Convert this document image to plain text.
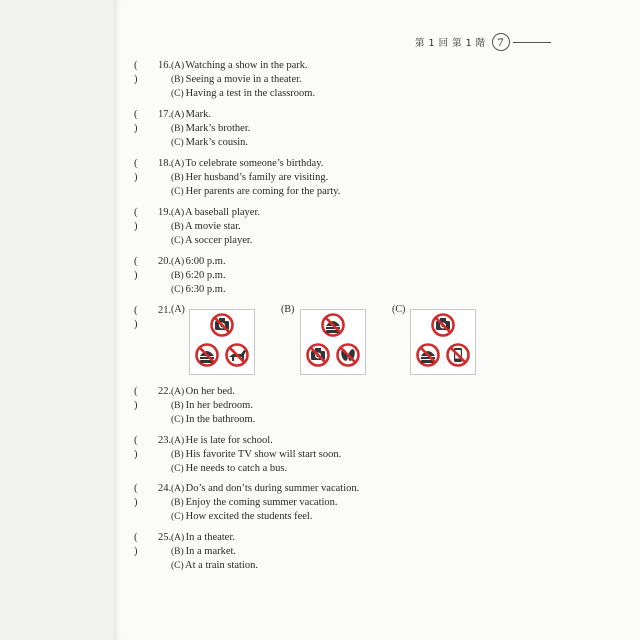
第 1 回 第 1 階 7
( )
16. (A) Watching a show in the park.
(B) Seeing a movie in a theater.
(C) Having a test in the classroom.
( )
17. (A) Mark.
(B) Mark’s brother.
(C) Mark’s cousin.
( )
18. (A) To celebrate someone’s birthday.
(B) Her husband’s family are visiting.
(C) Her parents are coming for the party.
( )
19. (A) A baseball player.
(B) A movie star.
(C) A soccer player.
( )
20. (A) 6:00 p.m.
(B) 6:20 p.m.
(C) 6:30 p.m.
( )
21.
( )
22. (A) On her bed.
(B) In her bedroom.
(C) In the bathroom.
( )
23. (A) He is late for school.
(B) His favorite TV show will start soon.
(C) He needs to catch a bus.
( )
24. (A) Do’s and don’ts during summer vacation.
(B) Enjoy the coming summer vacation.
(C) How excited the students feel.
( )
25. (A) In a theater.
(B) In a market.
(C) At a train station.
(A)	(B)	(C)
